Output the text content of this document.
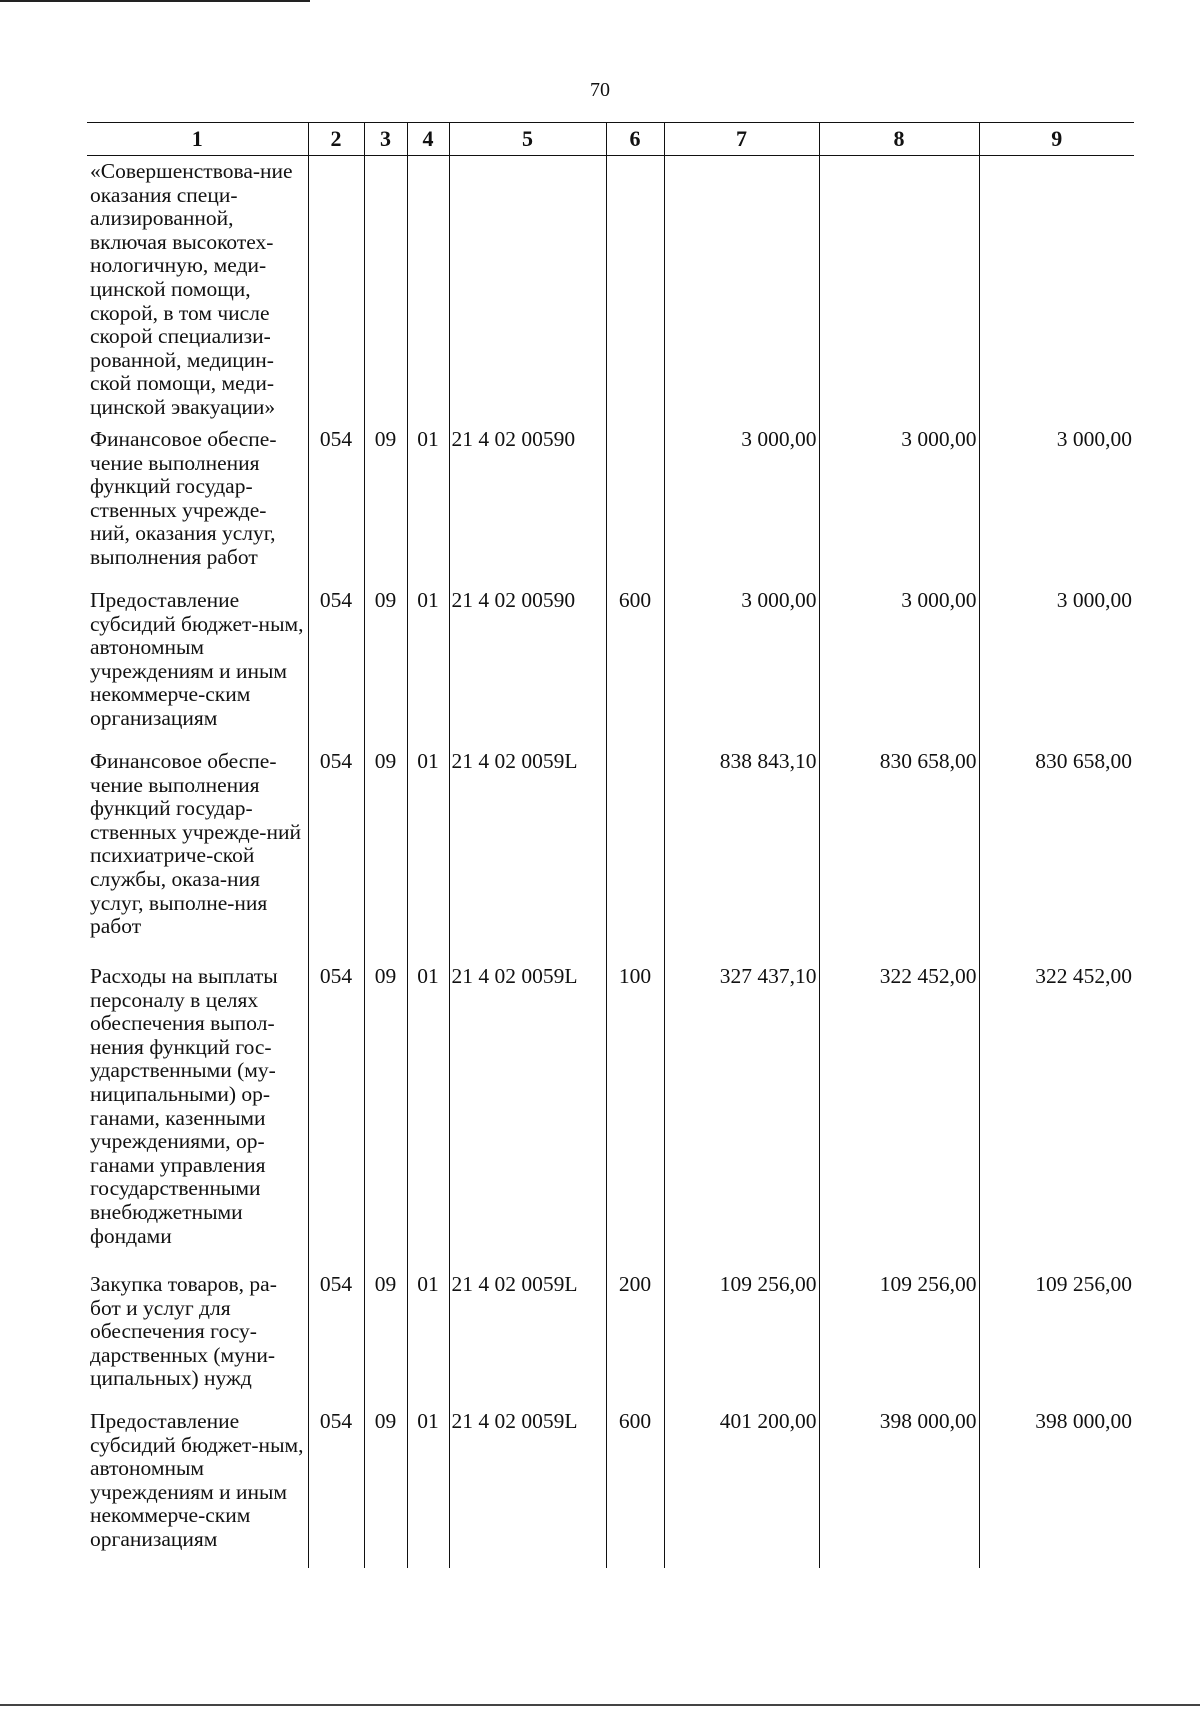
70
1	2	3	4	5	6	7	8	9
«Совершенствова-ние оказания специ-ализированной, включая высокотех-нологичную, меди-цинской помощи, скорой, в том числе скорой специализи-рованной, медицин-ской помощи, меди-цинской эвакуации»								
Финансовое обеспе-чение выполнения функций государ-ственных учрежде-ний, оказания услуг, выполнения работ	054	09	01	21 4 02 00590		3 000,00	3 000,00	3 000,00
Предоставление субсидий бюджет-ным, автономным учреждениям и иным некоммерче-ским организациям	054	09	01	21 4 02 00590	600	3 000,00	3 000,00	3 000,00
Финансовое обеспе-чение выполнения функций государ-ственных учрежде-ний психиатриче-ской службы, оказа-ния услуг, выполне-ния работ	054	09	01	21 4 02 0059L		838 843,10	830 658,00	830 658,00
Расходы на выплаты персоналу в целях обеспечения выпол-нения функций гос-ударственными (му-ниципальными) ор-ганами, казенными учреждениями, ор-ганами управления государственными внебюджетными фондами	054	09	01	21 4 02 0059L	100	327 437,10	322 452,00	322 452,00
Закупка товаров, ра-бот и услуг для обеспечения госу-дарственных (муни-ципальных) нужд	054	09	01	21 4 02 0059L	200	109 256,00	109 256,00	109 256,00
Предоставление субсидий бюджет-ным, автономным учреждениям и иным некоммерче-ским организациям	054	09	01	21 4 02 0059L	600	401 200,00	398 000,00	398 000,00
